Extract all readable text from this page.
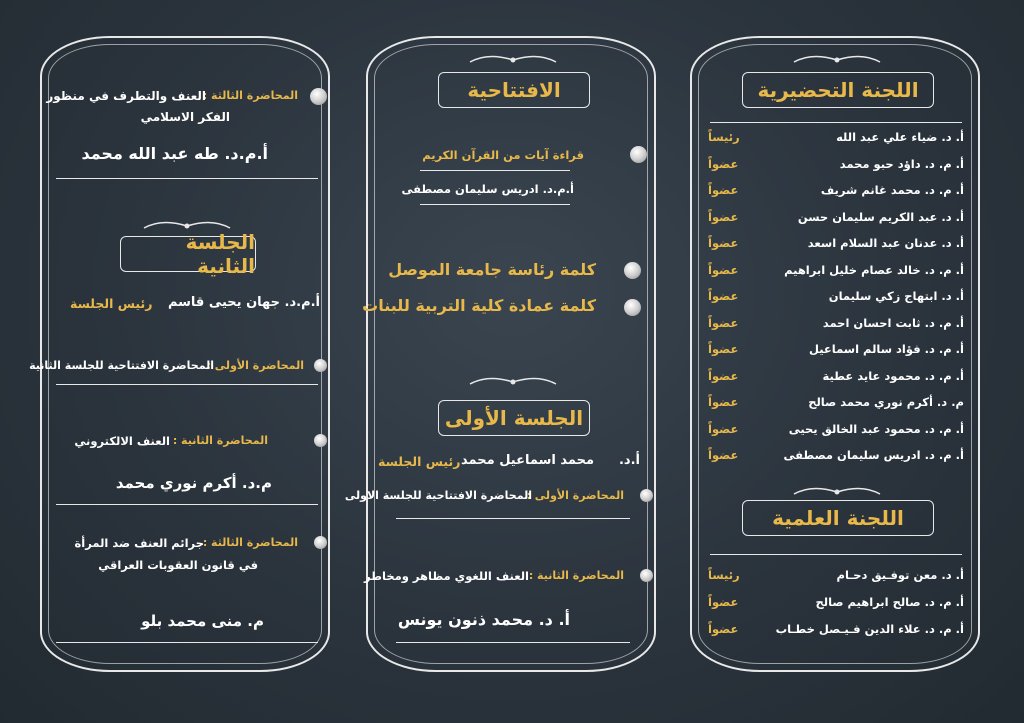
اللجنة التحضيرية
أ. د. ضياء علي عبد الله
رئيساً
أ. م. د. داؤد حبو محمد
عضواً
أ. م. د. محمد غانم شريف
عضواً
أ. د. عبد الكريم سليمان حسن
عضواً
أ. د. عدنان عبد السلام اسعد
عضواً
أ. م. د. خالد عصام خليل ابراهيم
عضواً
أ. د. ابتهاج زكي سليمان
عضواً
أ. م. د. ثابت احسان احمد
عضواً
أ. م. د. فؤاد سالم اسماعيل
عضواً
أ. م. د. محمود عايد عطية
عضواً
م. د. أكرم نوري محمد صالح
عضواً
أ. م. د. محمود عبد الخالق يحيى
عضواً
أ. م. د. ادريس سليمان مصطفى
عضواً
اللجنة العلمية
أ. د. معن توفـيق دحـام
رئيساً
أ. م. د. صالح ابراهيم صالح
عضواً
أ. م. د. علاء الدين فـيـصل خطـاب
عضواً
الافتتاحية
قراءة آيات من القرآن الكريم
أ.م.د. ادريس سليمان مصطفى
كلمة رئاسة جامعة الموصل
كلمة عمادة كلية التربية للبنات
الجلسة الأولى
أ.د.
محمد اسماعيل محمد
رئيس الجلسة
المحاضرة الأولى :
المحاضرة الافتتاحية للجلسة الاولى
المحاضرة الثانية :
العنف اللغوي مظاهر ومخاطر
أ. د. محمد ذنون يونس
المحاضرة الثالثة :
العنف والتطرف في منظور
الفكر الاسلامي
أ.م.د. طه عبد الله محمد
الجلسة الثانية
أ.م.د. جهان يحيى قاسم
رئيس الجلسة
المحاضرة الأولى :
المحاضرة الافتتاحية للجلسة الثانية
المحاضرة الثانية :
العنف الالكتروني
م.د. أكرم نوري محمد
المحاضرة الثالثة :
جرائم العنف ضد المرأة
في قانون العقوبات العراقي
م. منى محمد بلو
